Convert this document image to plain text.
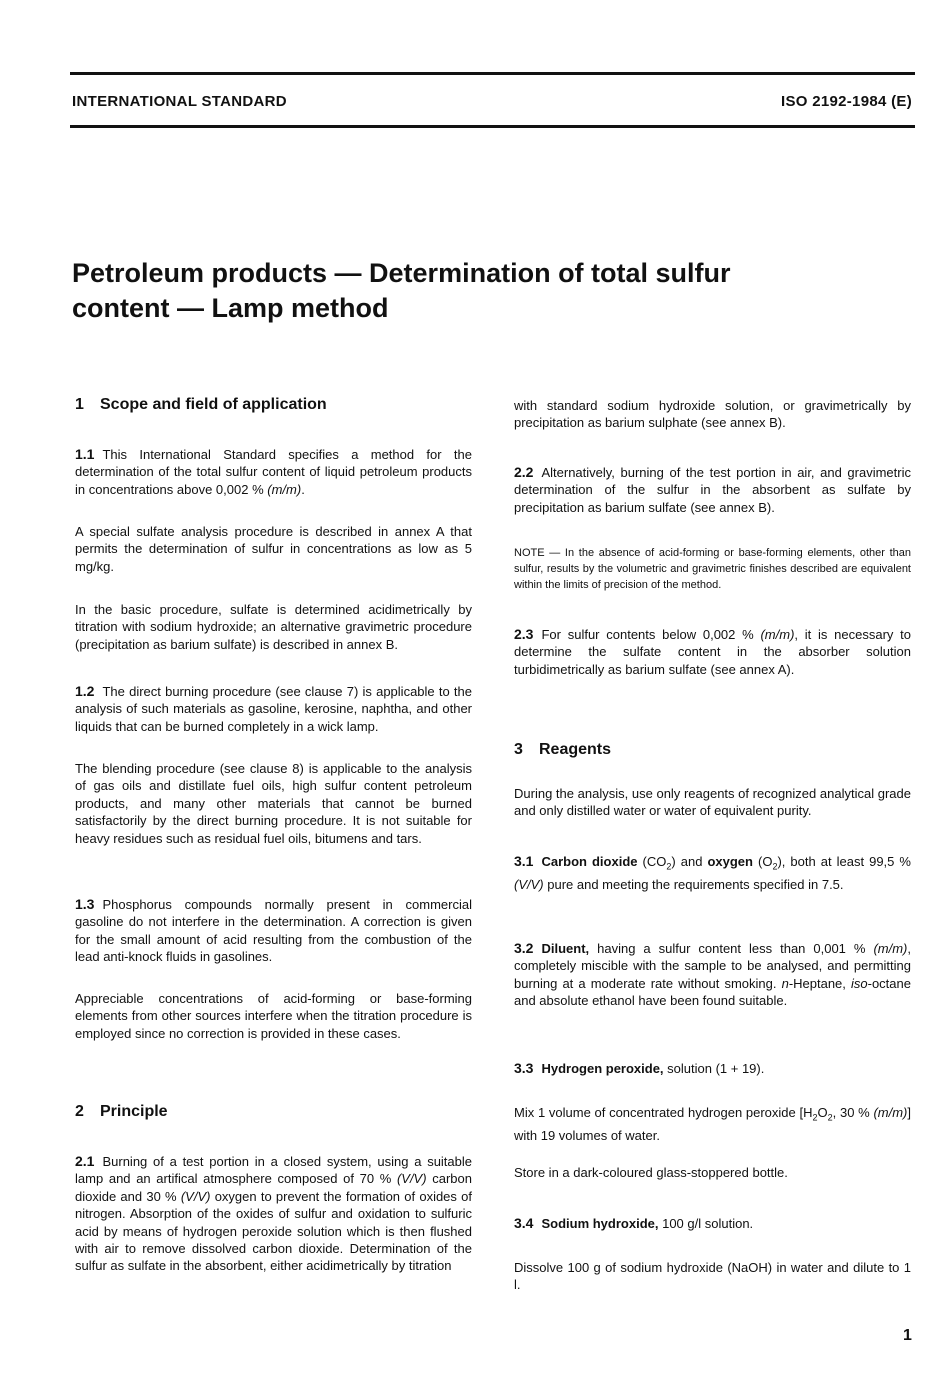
INTERNATIONAL STANDARD	ISO 2192-1984 (E)
Petroleum products — Determination of total sulfur
content — Lamp method
1 Scope and field of application
2 Principle
3 Reagents
1.1 This International Standard specifies a method for the determination of the total sulfur content of liquid petroleum products in concentrations above 0,002 % (m/m).
A special sulfate analysis procedure is described in annex A that permits the determination of sulfur in concentrations as low as 5 mg/kg.
In the basic procedure, sulfate is determined acidimetrically by titration with sodium hydroxide; an alternative gravimetric procedure (precipitation as barium sulfate) is described in annex B.
1.2 The direct burning procedure (see clause 7) is applicable to the analysis of such materials as gasoline, kerosine, naphtha, and other liquids that can be burned completely in a wick lamp.
The blending procedure (see clause 8) is applicable to the analysis of gas oils and distillate fuel oils, high sulfur content petroleum products, and many other materials that cannot be burned satisfactorily by the direct burning procedure. It is not suitable for heavy residues such as residual fuel oils, bitumens and tars.
1.3 Phosphorus compounds normally present in commercial gasoline do not interfere in the determination. A correction is given for the small amount of acid resulting from the combustion of the lead anti-knock fluids in gasolines.
Appreciable concentrations of acid-forming or base-forming elements from other sources interfere when the titration procedure is employed since no correction is provided in these cases.
2.1 Burning of a test portion in a closed system, using a suitable lamp and an artifical atmosphere composed of 70 % (V/V) carbon dioxide and 30 % (V/V) oxygen to prevent the formation of oxides of nitrogen. Absorption of the oxides of sulfur and oxidation to sulfuric acid by means of hydrogen peroxide solution which is then flushed with air to remove dissolved carbon dioxide. Determination of the sulfur as sulfate in the absorbent, either acidimetrically by titration
with standard sodium hydroxide solution, or gravimetrically by precipitation as barium sulphate (see annex B).
2.2 Alternatively, burning of the test portion in air, and gravimetric determination of the sulfur in the absorbent as sulfate by precipitation as barium sulfate (see annex B).
NOTE — In the absence of acid-forming or base-forming elements, other than sulfur, results by the volumetric and gravimetric finishes described are equivalent within the limits of precision of the method.
2.3 For sulfur contents below 0,002 % (m/m), it is necessary to determine the sulfate content in the absorber solution turbidimetrically as barium sulfate (see annex A).
During the analysis, use only reagents of recognized analytical grade and only distilled water or water of equivalent purity.
3.1 Carbon dioxide $(CO_2)$ and oxygen $(O_2)$, both at least 99,5 % (V/V) pure and meeting the requirements specified in 7.5.
3.2 Diluent, having a sulfur content less than 0,001 % (m/m), completely miscible with the sample to be analysed, and permitting burning at a moderate rate without smoking. n-Heptane, iso-octane and absolute ethanol have been found suitable.
3.3 Hydrogen peroxide, solution (1 + 19).
Mix 1 volume of concentrated hydrogen peroxide [$H_2O_2$, 30 % (m/m)] with 19 volumes of water.
Store in a dark-coloured glass-stoppered bottle.
3.4 Sodium hydroxide, 100 g/l solution.
Dissolve 100 g of sodium hydroxide (NaOH) in water and dilute to 1 l.
1
